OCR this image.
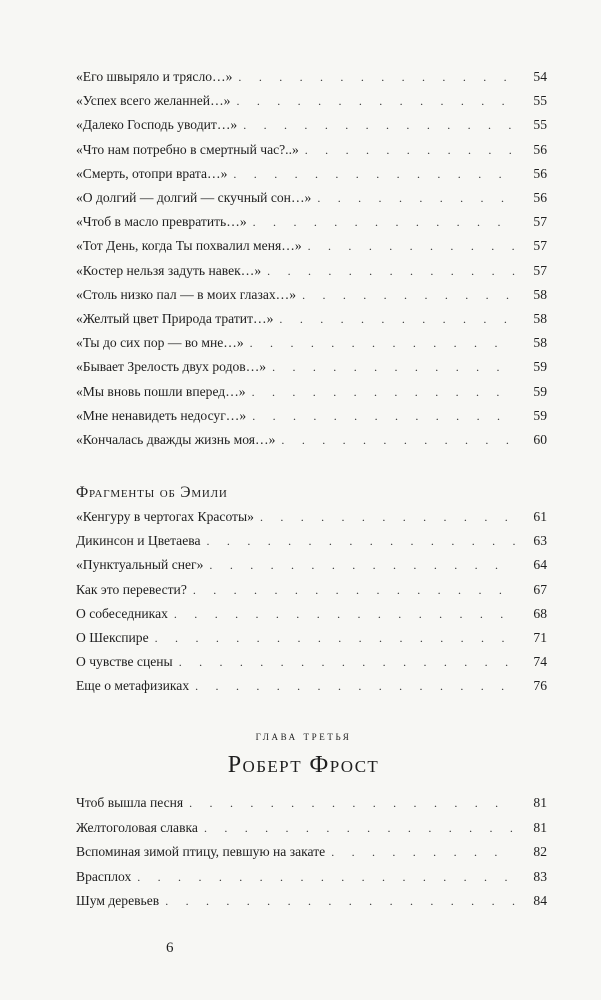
«Его швыряло и трясло…» . . .	54
«Успех всего желанней…» . . .	55
«Далеко Господь уводит…» . . .	55
«Что нам потребно в смертный час?..» . . .	56
«Смерть, отопри врата…» . . .	56
«О долгий — долгий — скучный сон…» . . .	56
«Чтоб в масло превратить…» . . .	57
«Тот День, когда Ты похвалил меня…» . . .	57
«Костер нельзя задуть навек…» . . .	57
«Столь низко пал — в моих глазах…» . . .	58
«Желтый цвет Природа тратит…» . . .	58
«Ты до сих пор — во мне…» . . .	58
«Бывает Зрелость двух родов…» . . .	59
«Мы вновь пошли вперед…» . . .	59
«Мне ненавидеть недосуг…» . . .	59
«Кончалась дважды жизнь моя…» . . .	60
Фрагменты об Эмили
«Кенгуру в чертогах Красоты» . . .	61
Дикинсон и Цветаева . . .	63
«Пунктуальный снег» . . .	64
Как это перевести? . . .	67
О собеседниках . . .	68
О Шекспире . . .	71
О чувстве сцены . . .	74
Еще о метафизиках . . .	76
глава третья
Роберт Фрост
Чтоб вышла песня . . .	81
Желтоголовая славка . . .	81
Вспоминая зимой птицу, певшую на закате . . .	82
Врасплох . . .	83
Шум деревьев . . .	84
6
